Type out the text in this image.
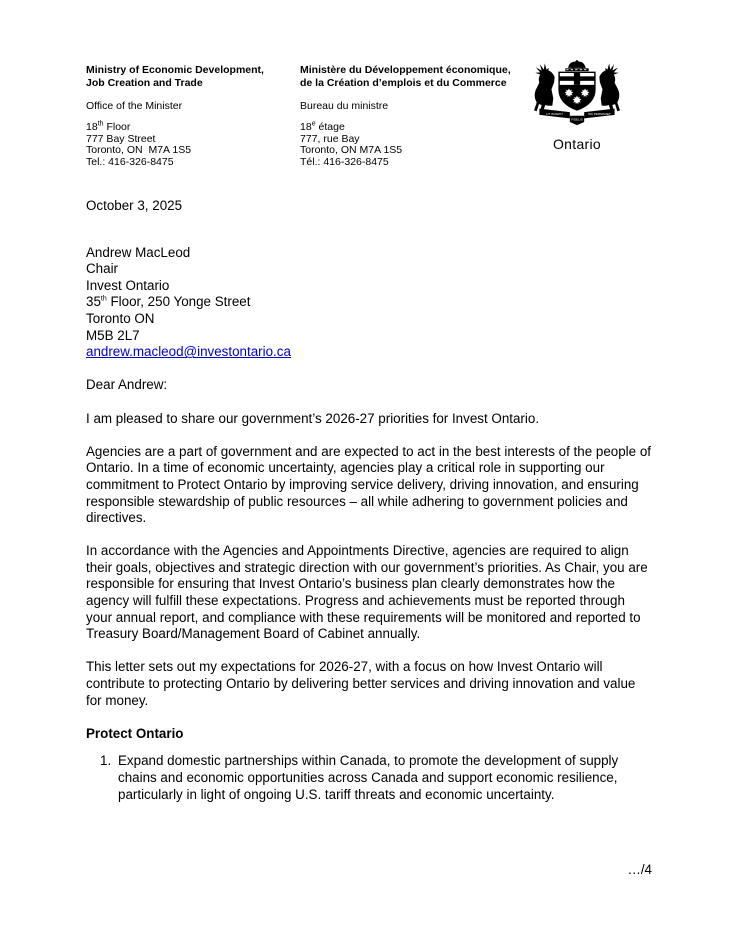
Ministry of Economic Development,
Job Creation and Trade
Office of the Minister
18th Floor
777 Bay Street
Toronto, ON  M7A 1S5
Tel.: 416-326-8475
Ministère du Développement économique,
de la Création d’emplois et du Commerce
Bureau du ministre
18e étage
777, rue Bay
Toronto, ON M7A 1S5
Tél.: 416-326-8475
UT INCEPIT	SIC PERMANET
FIDELIS
Ontario
October 3, 2025
Andrew MacLeod
Chair
Invest Ontario
35th Floor, 250 Yonge Street
Toronto ON
M5B 2L7
andrew.macleod@investontario.ca
Dear Andrew:

I am pleased to share our government’s 2026-27 priorities for Invest Ontario.

Agencies are a part of government and are expected to act in the best interests of the people of Ontario. In a time of economic uncertainty, agencies play a critical role in supporting our commitment to Protect Ontario by improving service delivery, driving innovation, and ensuring responsible stewardship of public resources – all while adhering to government policies and directives.

In accordance with the Agencies and Appointments Directive, agencies are required to align their goals, objectives and strategic direction with our government’s priorities. As Chair, you are responsible for ensuring that Invest Ontario’s business plan clearly demonstrates how the agency will fulfill these expectations. Progress and achievements must be reported through your annual report, and compliance with these requirements will be monitored and reported to Treasury Board/Management Board of Cabinet annually.

This letter sets out my expectations for 2026-27, with a focus on how Invest Ontario will contribute to protecting Ontario by delivering better services and driving innovation and value for money.

Protect Ontario
1. Expand domestic partnerships within Canada, to promote the development of supply chains and economic opportunities across Canada and support economic resilience, particularly in light of ongoing U.S. tariff threats and economic uncertainty.
…/4
